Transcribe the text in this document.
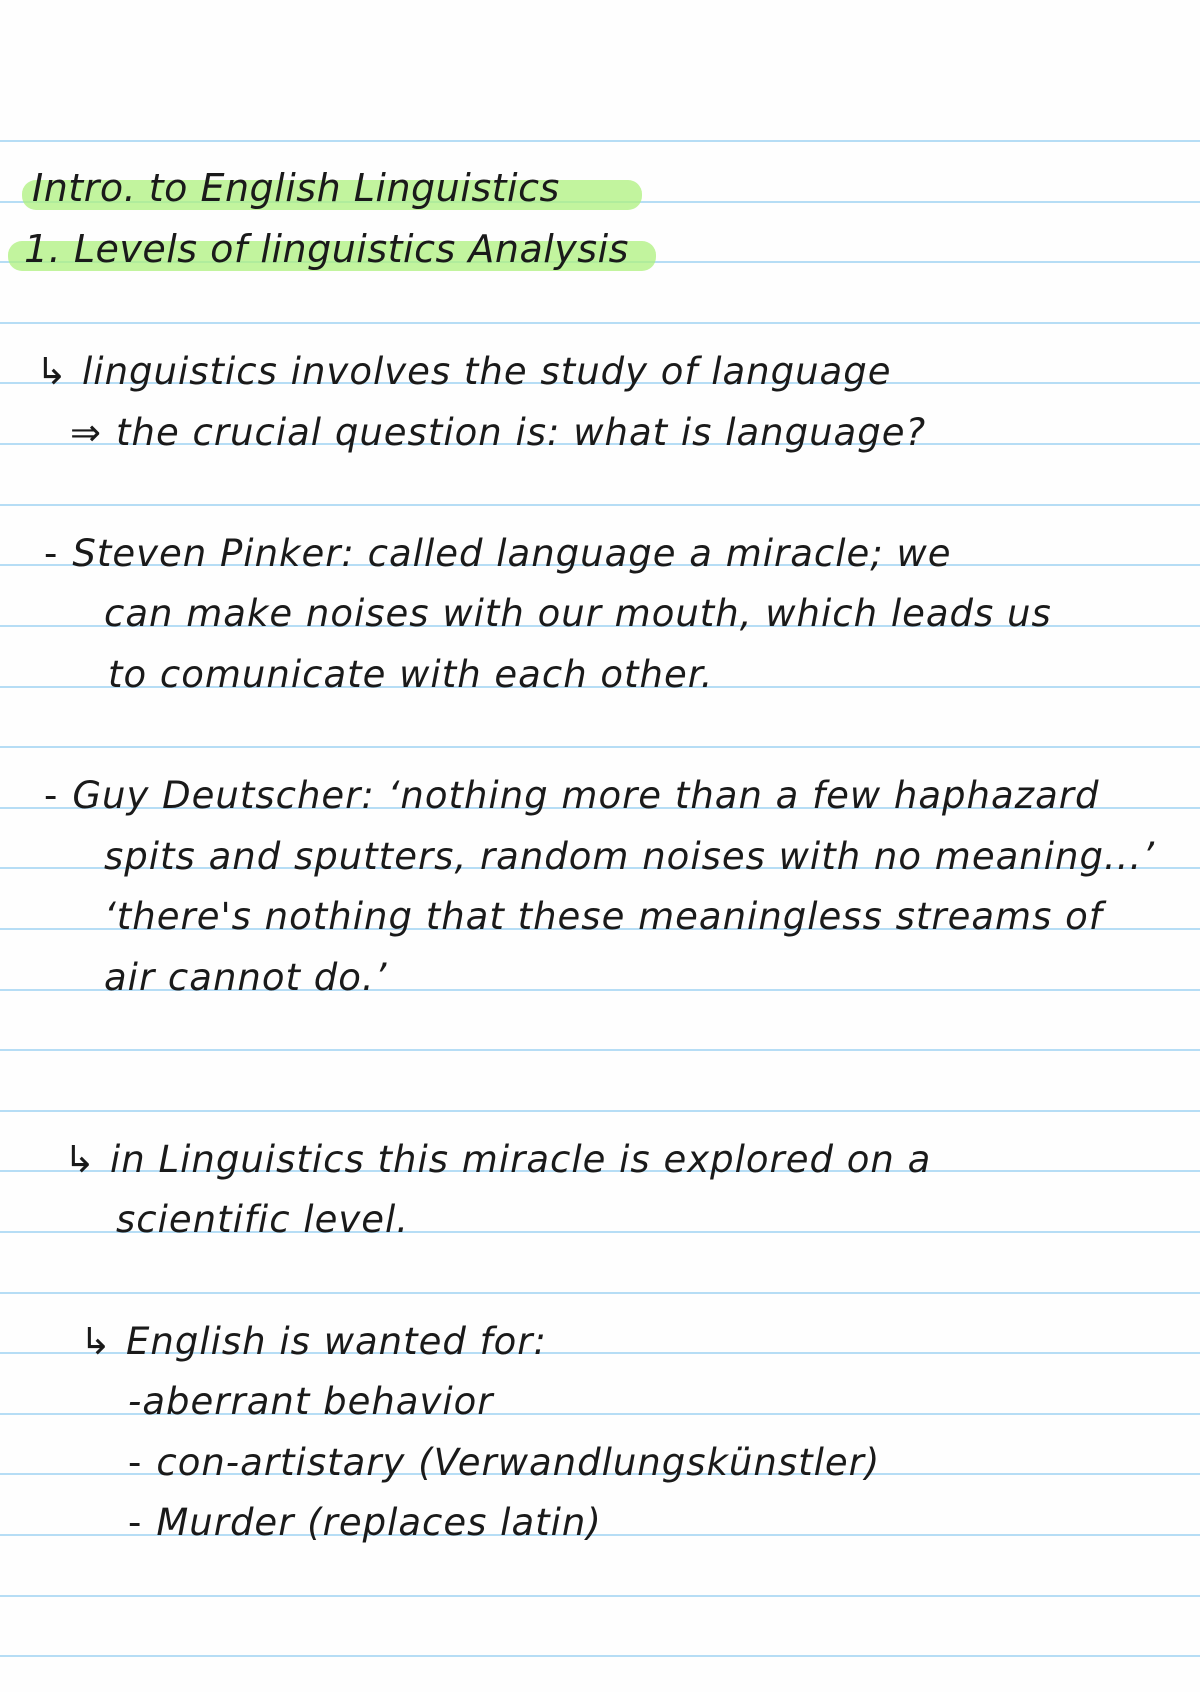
Intro. to English Linguistics
1. Levels of linguistics Analysis
↳ linguistics involves the study of language
⇒ the crucial question is: what is language?
- Steven Pinker: called language a miracle; we
can make noises with our mouth, which leads us
to comunicate with each other.
- Guy Deutscher: ‘nothing more than a few haphazard
spits and sputters, random noises with no meaning...’
‘there's nothing that these meaningless streams of
air cannot do.’
↳ in Linguistics this miracle is explored on a
scientific level.
↳ English is wanted for:
-aberrant behavior
- con-artistary (Verwandlungskünstler)
- Murder (replaces latin)
